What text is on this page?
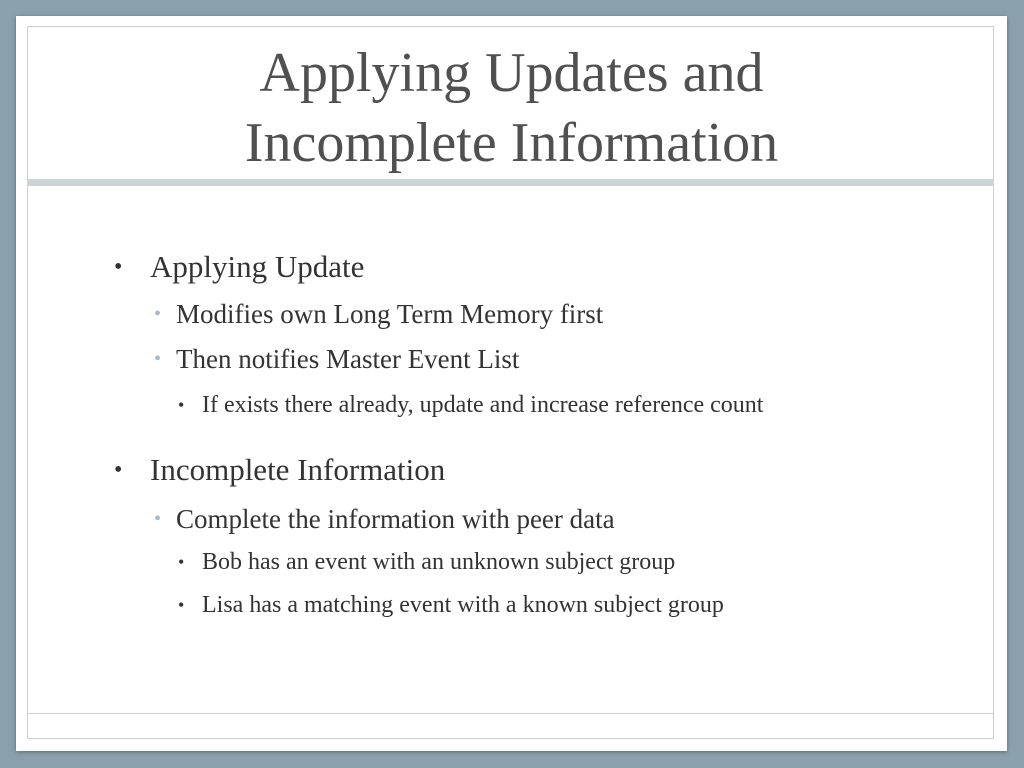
Applying Updates and
Incomplete Information
• Applying Update
• Modifies own Long Term Memory first
• Then notifies Master Event List
• If exists there already, update and increase reference count
• Incomplete Information
• Complete the information with peer data
• Bob has an event with an unknown subject group
• Lisa has a matching event with a known subject group
